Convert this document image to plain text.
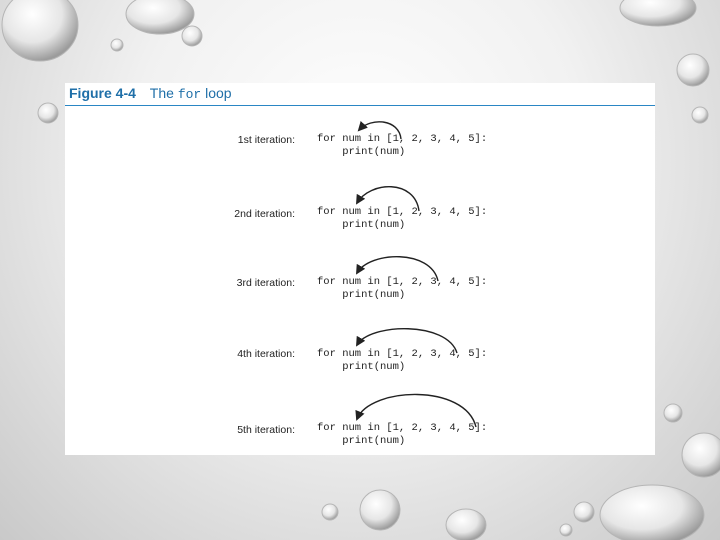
Figure 4-4 The for loop
1st iteration: for num in [1, 2, 3, 4, 5]:
print(num)
2nd iteration: for num in [1, 2, 3, 4, 5]:
print(num)
3rd iteration: for num in [1, 2, 3, 4, 5]:
print(num)
4th iteration: for num in [1, 2, 3, 4, 5]:
print(num)
5th iteration: for num in [1, 2, 3, 4, 5]:
print(num)
